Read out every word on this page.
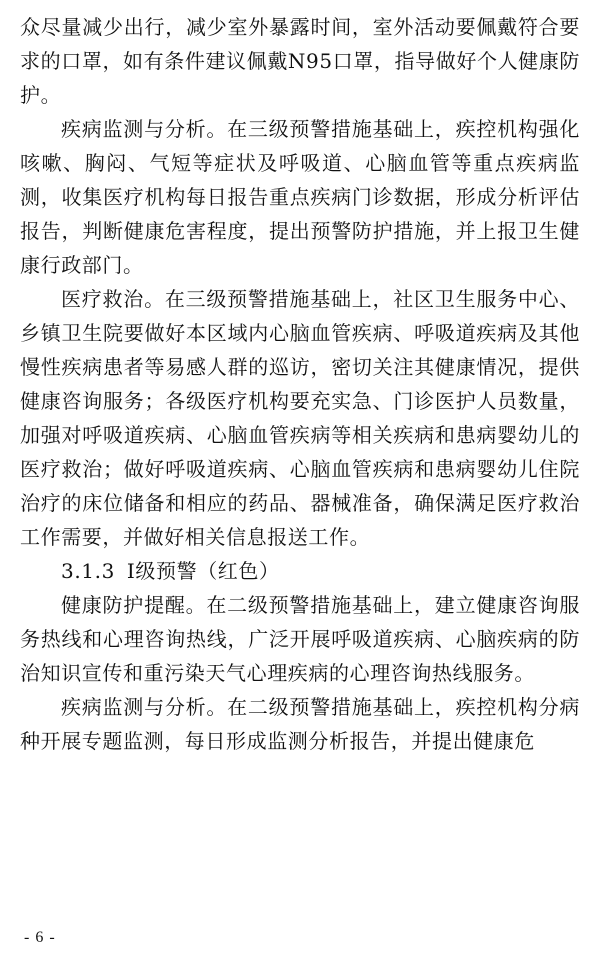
众尽量减少出行，减少室外暴露时间，室外活动要佩戴符合要求的口罩，如有条件建议佩戴N95口罩，指导做好个人健康防护。

疾病监测与分析。在三级预警措施基础上，疾控机构强化咳嗽、胸闷、气短等症状及呼吸道、心脑血管等重点疾病监测，收集医疗机构每日报告重点疾病门诊数据，形成分析评估报告，判断健康危害程度，提出预警防护措施，并上报卫生健康行政部门。

医疗救治。在三级预警措施基础上，社区卫生服务中心、乡镇卫生院要做好本区域内心脑血管疾病、呼吸道疾病及其他慢性疾病患者等易感人群的巡访，密切关注其健康情况，提供健康咨询服务；各级医疗机构要充实急、门诊医护人员数量，加强对呼吸道疾病、心脑血管疾病等相关疾病和患病婴幼儿的医疗救治；做好呼吸道疾病、心脑血管疾病和患病婴幼儿住院治疗的床位储备和相应的药品、器械准备，确保满足医疗救治工作需要，并做好相关信息报送工作。

3.1.3 Ⅰ级预警（红色）

健康防护提醒。在二级预警措施基础上，建立健康咨询服务热线和心理咨询热线，广泛开展呼吸道疾病、心脑疾病的防治知识宣传和重污染天气心理疾病的心理咨询热线服务。

疾病监测与分析。在二级预警措施基础上，疾控机构分病种开展专题监测，每日形成监测分析报告，并提出健康危

- 6 -
